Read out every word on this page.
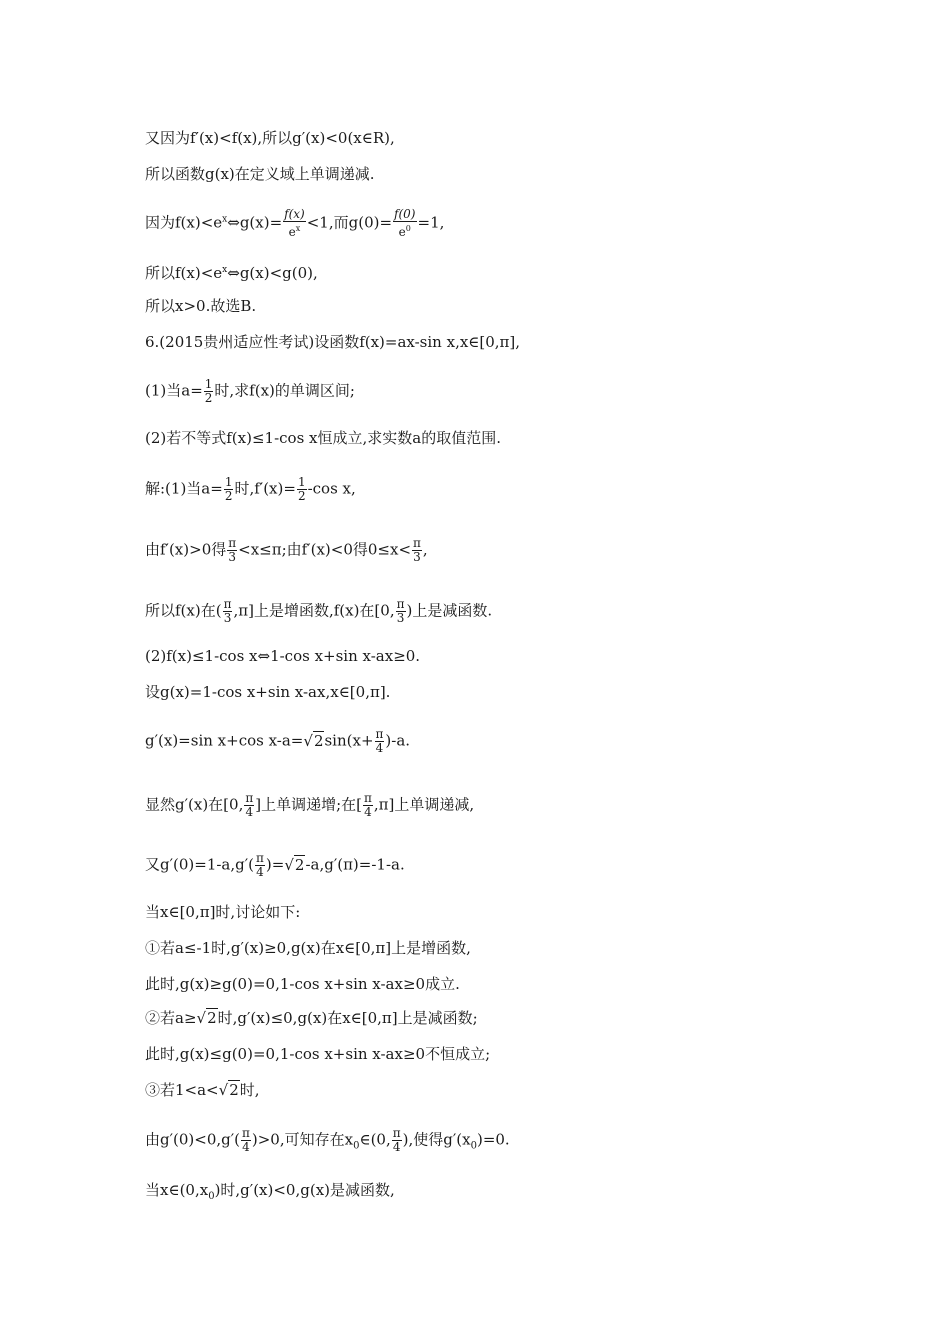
又因为f′(x)<f(x),所以g′(x)<0(x∈R),
所以函数g(x)在定义域上单调递减.
因为$f(x)<e^x\Leftrightarrow g(x)= \frac{f(x)}{e^x} <1$,而$g(0)= \frac{f(0)}{e^0} =1$,
所以$f(x)<e^x\Leftrightarrow g(x)<g(0)$,
所以x>0.故选B.
6.(2015贵州适应性考试)设函数f(x)=ax-sin x,x∈[0,π],
(1)当$a= \frac{1}{2}$ 时,求f(x)的单调区间;
(2)若不等式f(x)≤1-cos x恒成立,求实数a的取值范围.
解:(1)当$a= \frac{1}{2}$ 时$,f'(x)= \frac{1}{2} -\cos$ x,
由f′(x)>0得 $\frac{\pi}{3} <x\le\pi$;由f′(x)<0得$0\le x< \frac{\pi}{3}$ ,
所以f(x)在( $\frac{\pi}{3} ,\pi$]上是增函数,f(x)在[0, $\frac{\pi}{3}$ )上是减函数.
(2)f(x)≤1-cos x⇔1-cos x+sin x-ax≥0.
设g(x)=1-cos x+sin x-ax,x∈[0,π].
g′(x)=sin x+cos $x-a=√2\sin(x+ \frac{\pi}{4} )-a$.
显然g′(x)在[0, $\frac{\pi}{4}$ ]上单调递增;在[ $\frac{\pi}{4} ,\pi$]上单调递减,
又$g'(0)=1-a,g'( \frac{\pi}{4} )=√2-a,g'(\pi)=-1-a$.
当x∈[0,π]时,讨论如下:
①若a≤-1时,g′(x)≥0,g(x)在x∈[0,π]上是增函数,
此时,g(x)≥g(0)=0,1-cos x+sin x-ax≥0成立.
②若a≥√2时,g′(x)≤0,g(x)在x∈[0,π]上是减函数;
此时,g(x)≤g(0)=0,1-cos x+sin x-ax≥0不恒成立;
③若1<a<√2时,
由$g'(0)<0,g'( \frac{\pi}{4} )>0$,可知存在$x_0\in(0$, $\frac{\pi}{4}$ ),使得$g'(x_0)=0$.
当$x\in(0,x_0)$时,g′(x)<0,g(x)是减函数,
